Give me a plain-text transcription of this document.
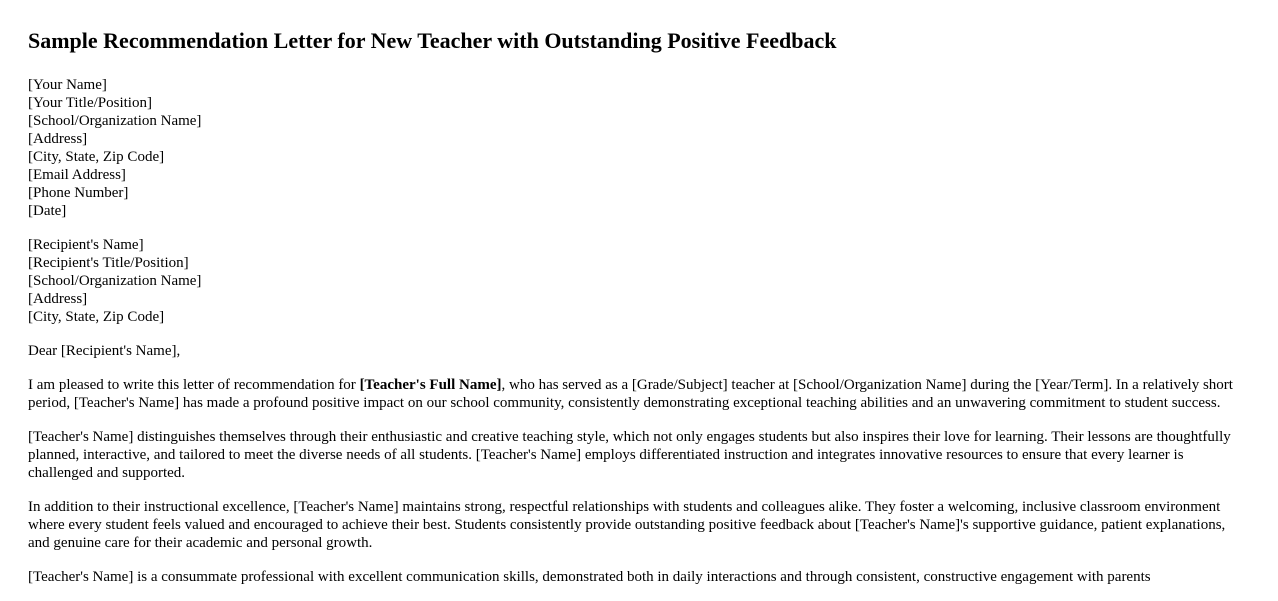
Sample Recommendation Letter for New Teacher with Outstanding Positive Feedback
[Your Name]
[Your Title/Position]
[School/Organization Name]
[Address]
[City, State, Zip Code]
[Email Address]
[Phone Number]
[Date]
[Recipient's Name]
[Recipient's Title/Position]
[School/Organization Name]
[Address]
[City, State, Zip Code]

Dear [Recipient's Name],

I am pleased to write this letter of recommendation for [Teacher's Full Name], who has served as a [Grade/Subject] teacher at [School/Organization Name] during the [Year/Term]. In a relatively short period, [Teacher's Name] has made a profound positive impact on our school community, consistently demonstrating exceptional teaching abilities and an unwavering commitment to student success.

[Teacher's Name] distinguishes themselves through their enthusiastic and creative teaching style, which not only engages students but also inspires their love for learning. Their lessons are thoughtfully planned, interactive, and tailored to meet the diverse needs of all students. [Teacher's Name] employs differentiated instruction and integrates innovative resources to ensure that every learner is challenged and supported.

In addition to their instructional excellence, [Teacher's Name] maintains strong, respectful relationships with students and colleagues alike. They foster a welcoming, inclusive classroom environment where every student feels valued and encouraged to achieve their best. Students consistently provide outstanding positive feedback about [Teacher's Name]'s supportive guidance, patient explanations, and genuine care for their academic and personal growth.

[Teacher's Name] is a consummate professional with excellent communication skills, demonstrated both in daily interactions and through consistent, constructive engagement with parents
